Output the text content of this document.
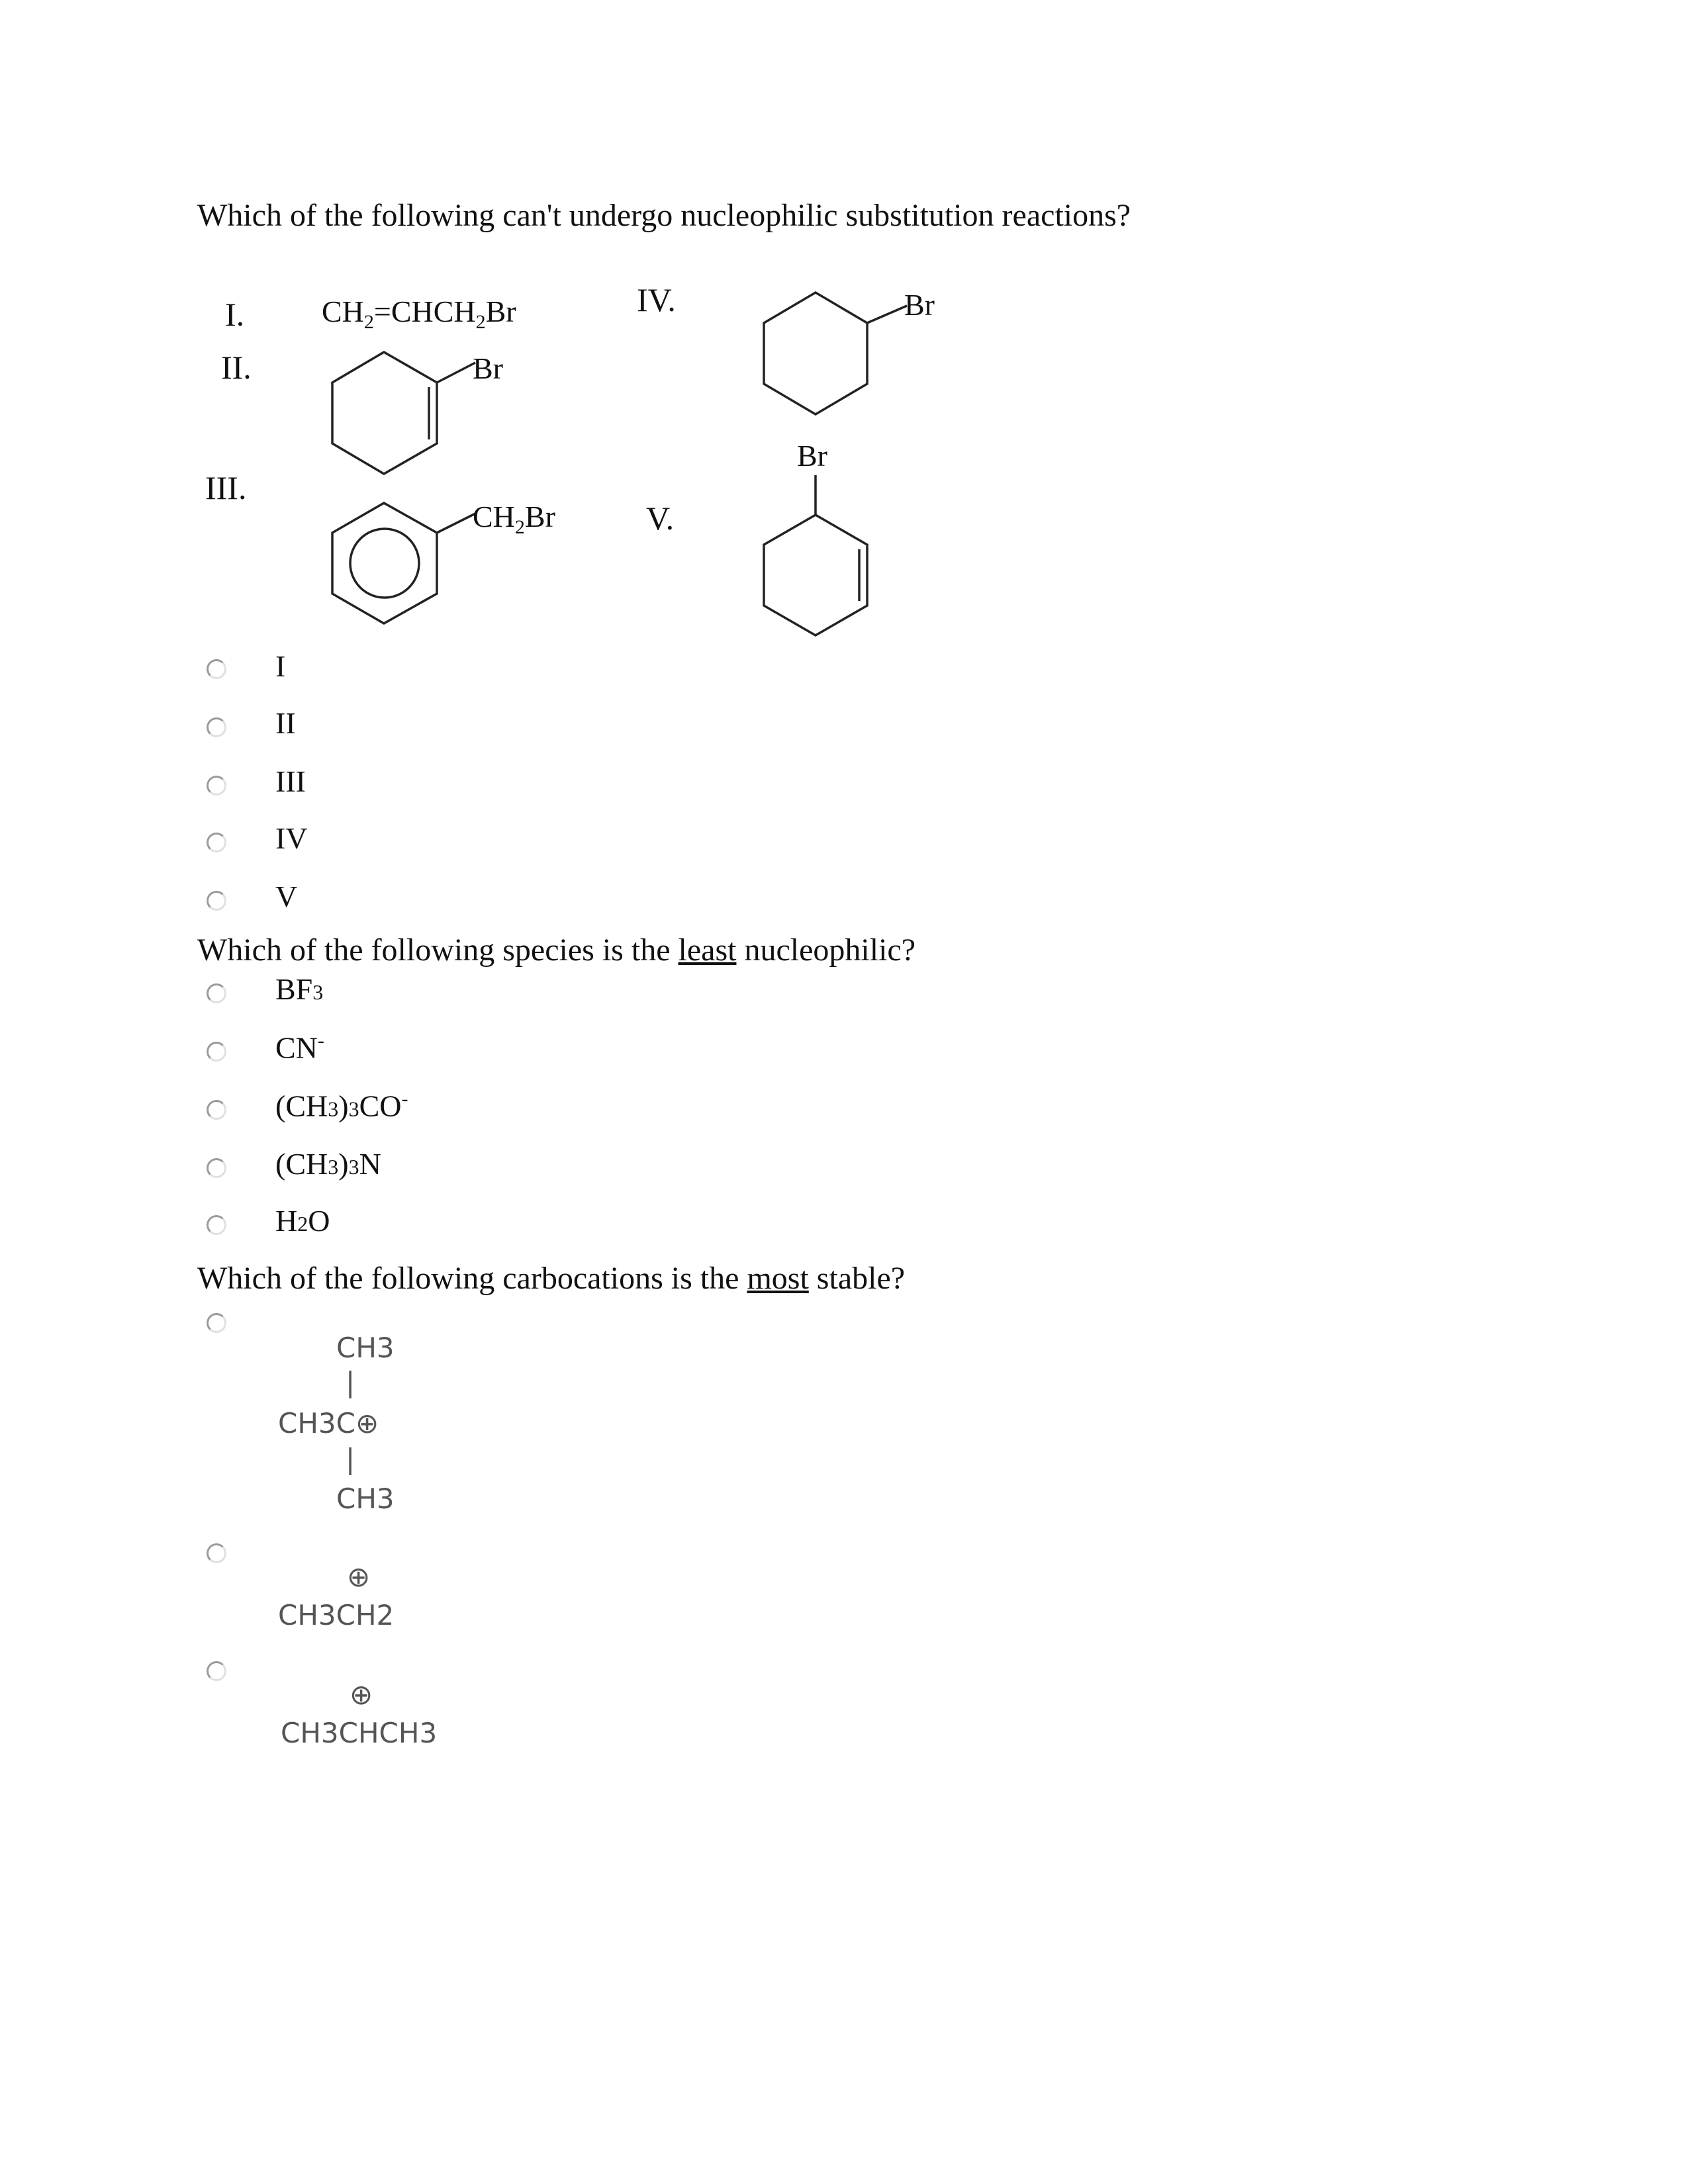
Which of the following can't undergo nucleophilic substitution reactions?
I.
II.
III.
IV.
V.
$CH_2=CHCH_2Br$
Br
$CH_2Br$
Br
Br
I
II
III
IV
V
Which of the following species is the least nucleophilic?
BF3
CN-
(CH3)3CO-
(CH3)3N
H2O
Which of the following carbocations is the most stable?
CH3
|
CH3C⊕
|
CH3
⊕
CH3CH2
⊕
CH3CHCH3
